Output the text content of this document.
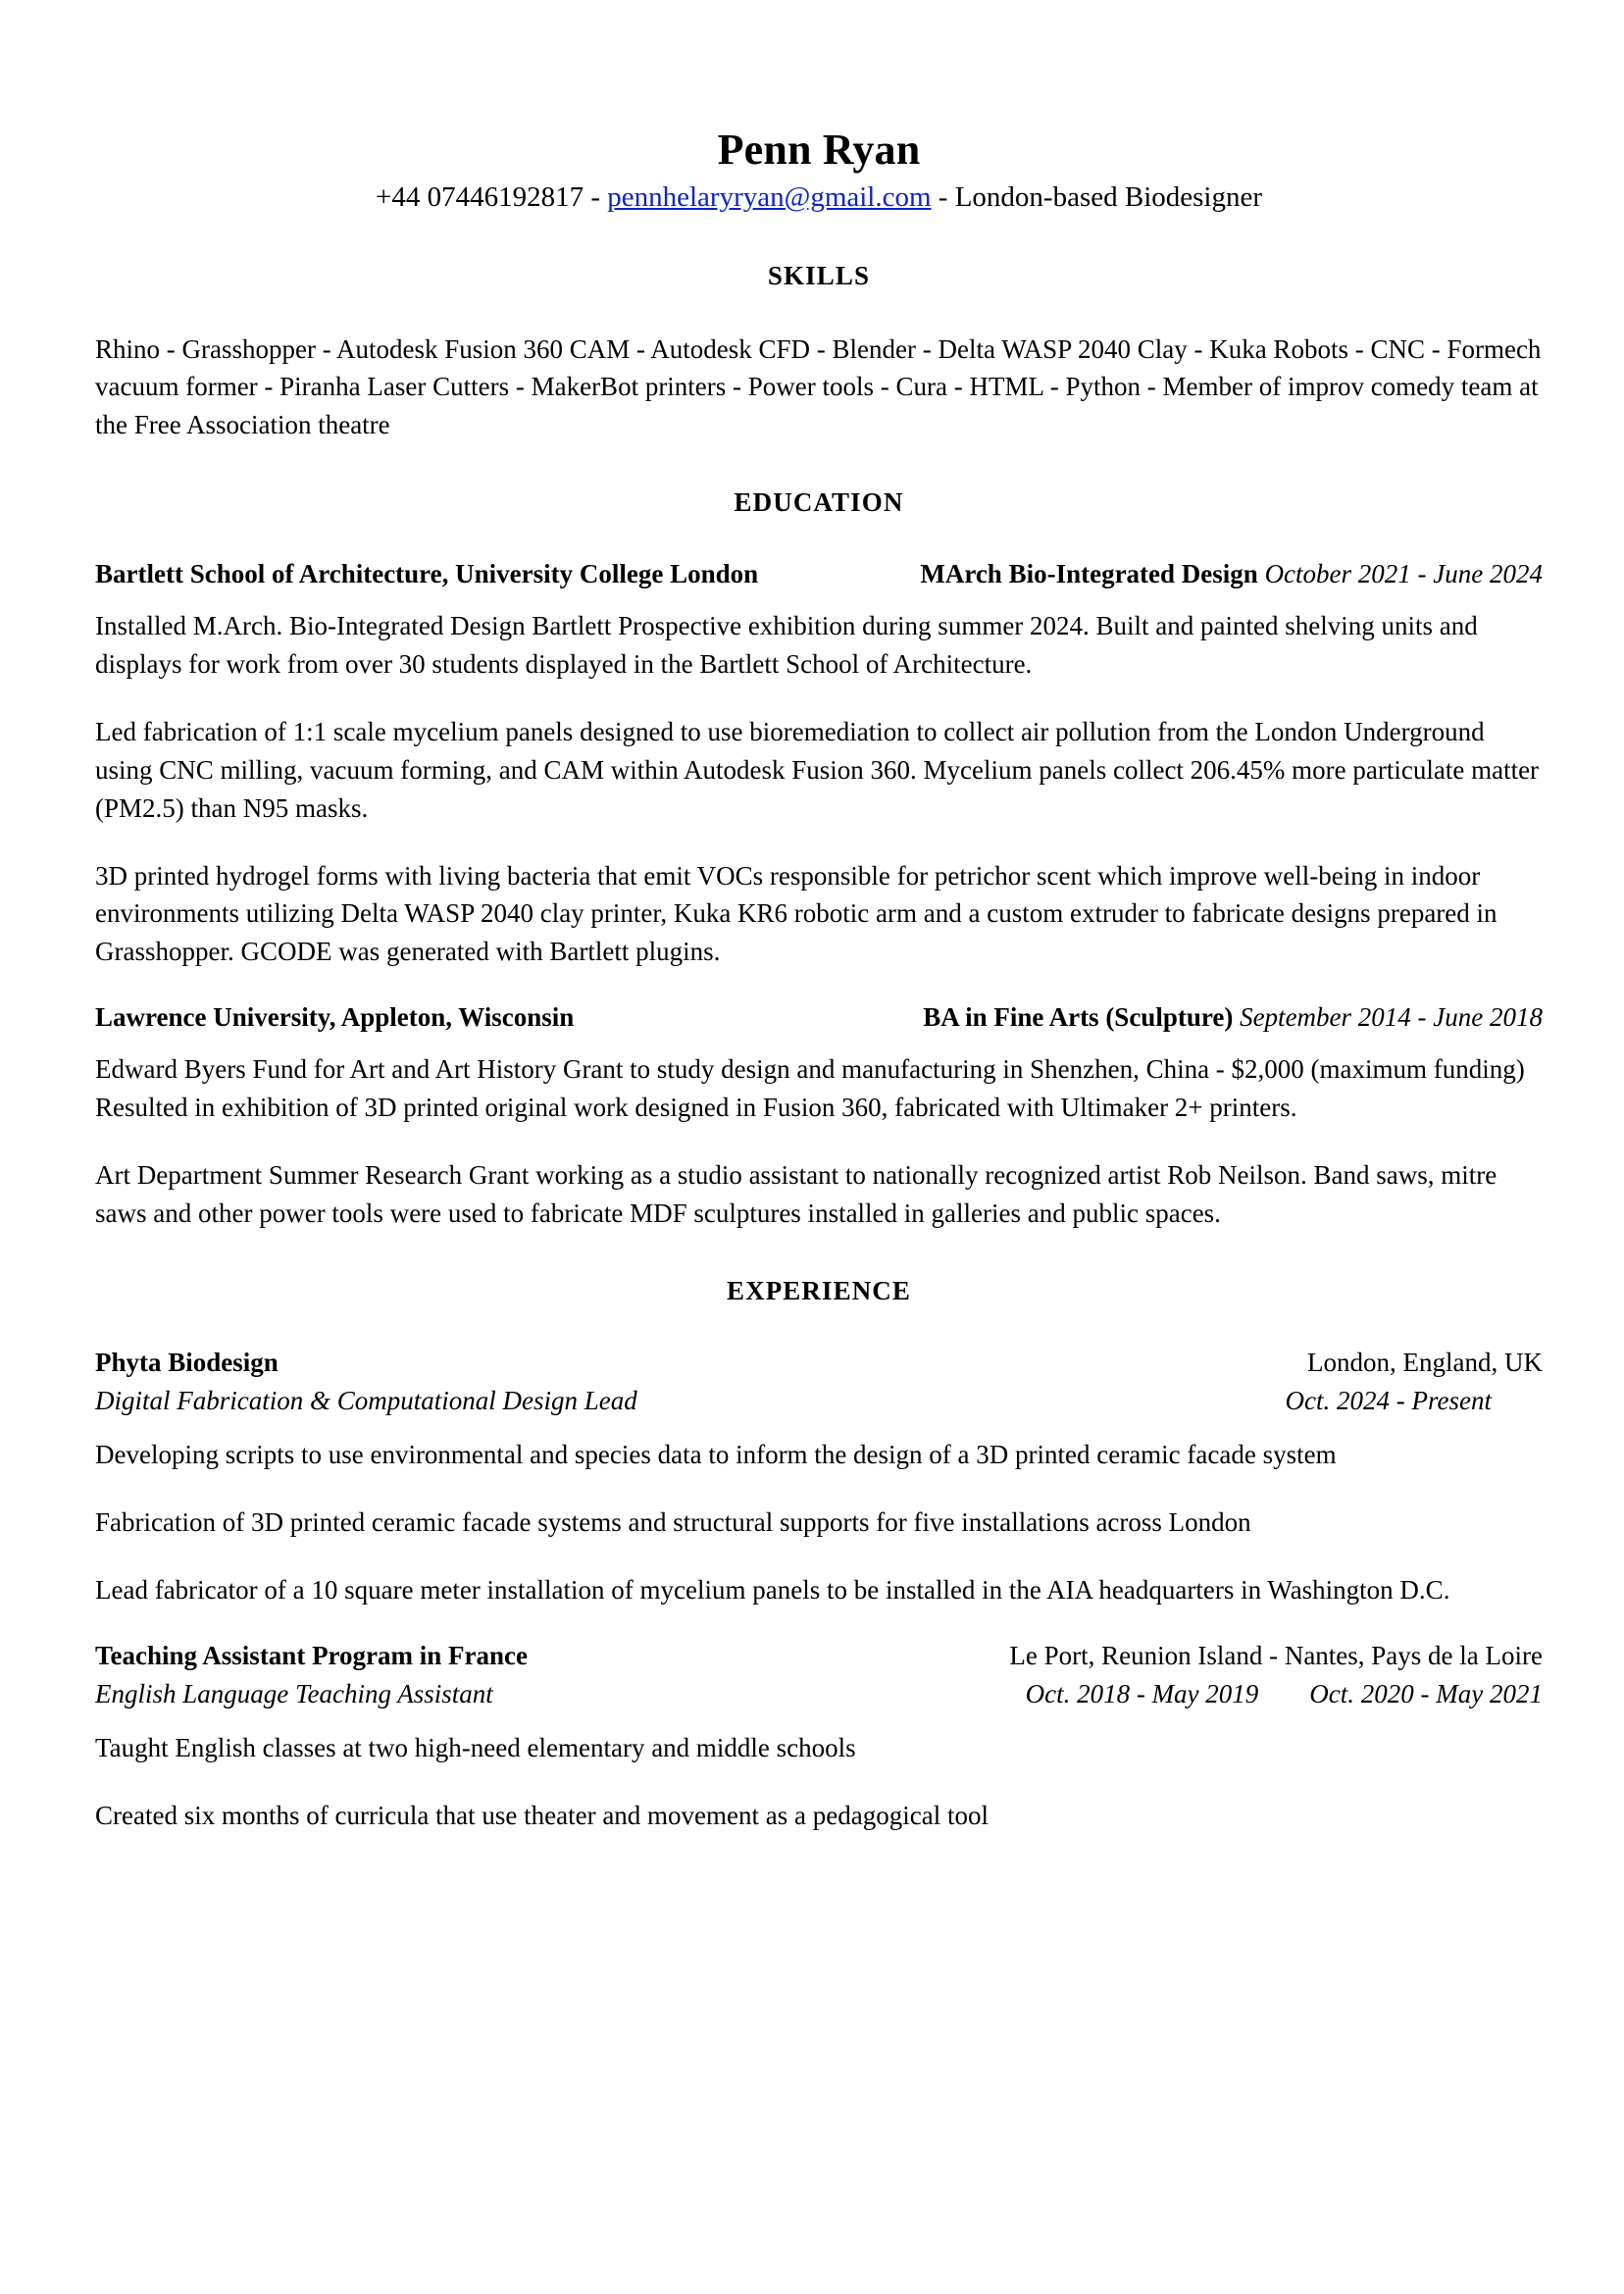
Penn Ryan
+44 07446192817 - pennhelaryryan@gmail.com - London-based Biodesigner
SKILLS

Rhino - Grasshopper - Autodesk Fusion 360 CAM - Autodesk CFD - Blender - Delta WASP 2040 Clay - Kuka Robots - CNC - Formech vacuum former - Piranha Laser Cutters - MakerBot printers - Power tools - Cura - HTML - Python - Member of improv comedy team at the Free Association theatre

EDUCATION
Bartlett School of Architecture, University College London	MArch Bio-Integrated Design October 2021 - June 2024

Installed M.Arch. Bio-Integrated Design Bartlett Prospective exhibition during summer 2024. Built and painted shelving units and displays for work from over 30 students displayed in the Bartlett School of Architecture.

Led fabrication of 1:1 scale mycelium panels designed to use bioremediation to collect air pollution from the London Underground using CNC milling, vacuum forming, and CAM within Autodesk Fusion 360. Mycelium panels collect 206.45% more particulate matter (PM2.5) than N95 masks.

3D printed hydrogel forms with living bacteria that emit VOCs responsible for petrichor scent which improve well-being in indoor environments utilizing Delta WASP 2040 clay printer, Kuka KR6 robotic arm and a custom extruder to fabricate designs prepared in Grasshopper. GCODE was generated with Bartlett plugins.

Lawrence University, Appleton, Wisconsin	BA in Fine Arts (Sculpture) September 2014 - June 2018

Edward Byers Fund for Art and Art History Grant to study design and manufacturing in Shenzhen, China - $2,000 (maximum funding) Resulted in exhibition of 3D printed original work designed in Fusion 360, fabricated with Ultimaker 2+ printers.

Art Department Summer Research Grant working as a studio assistant to nationally recognized artist Rob Neilson. Band saws, mitre saws and other power tools were used to fabricate MDF sculptures installed in galleries and public spaces.

EXPERIENCE
Phyta Biodesign	London, England, UK
Digital Fabrication & Computational Design Lead	Oct. 2024 - Present

Developing scripts to use environmental and species data to inform the design of a 3D printed ceramic facade system

Fabrication of 3D printed ceramic facade systems and structural supports for five installations across London

Lead fabricator of a 10 square meter installation of mycelium panels to be installed in the AIA headquarters in Washington D.C.

Teaching Assistant Program in France	Le Port, Reunion Island - Nantes, Pays de la Loire
English Language Teaching Assistant	Oct. 2018 - May 2019 Oct. 2020 - May 2021

Taught English classes at two high-need elementary and middle schools

Created six months of curricula that use theater and movement as a pedagogical tool
